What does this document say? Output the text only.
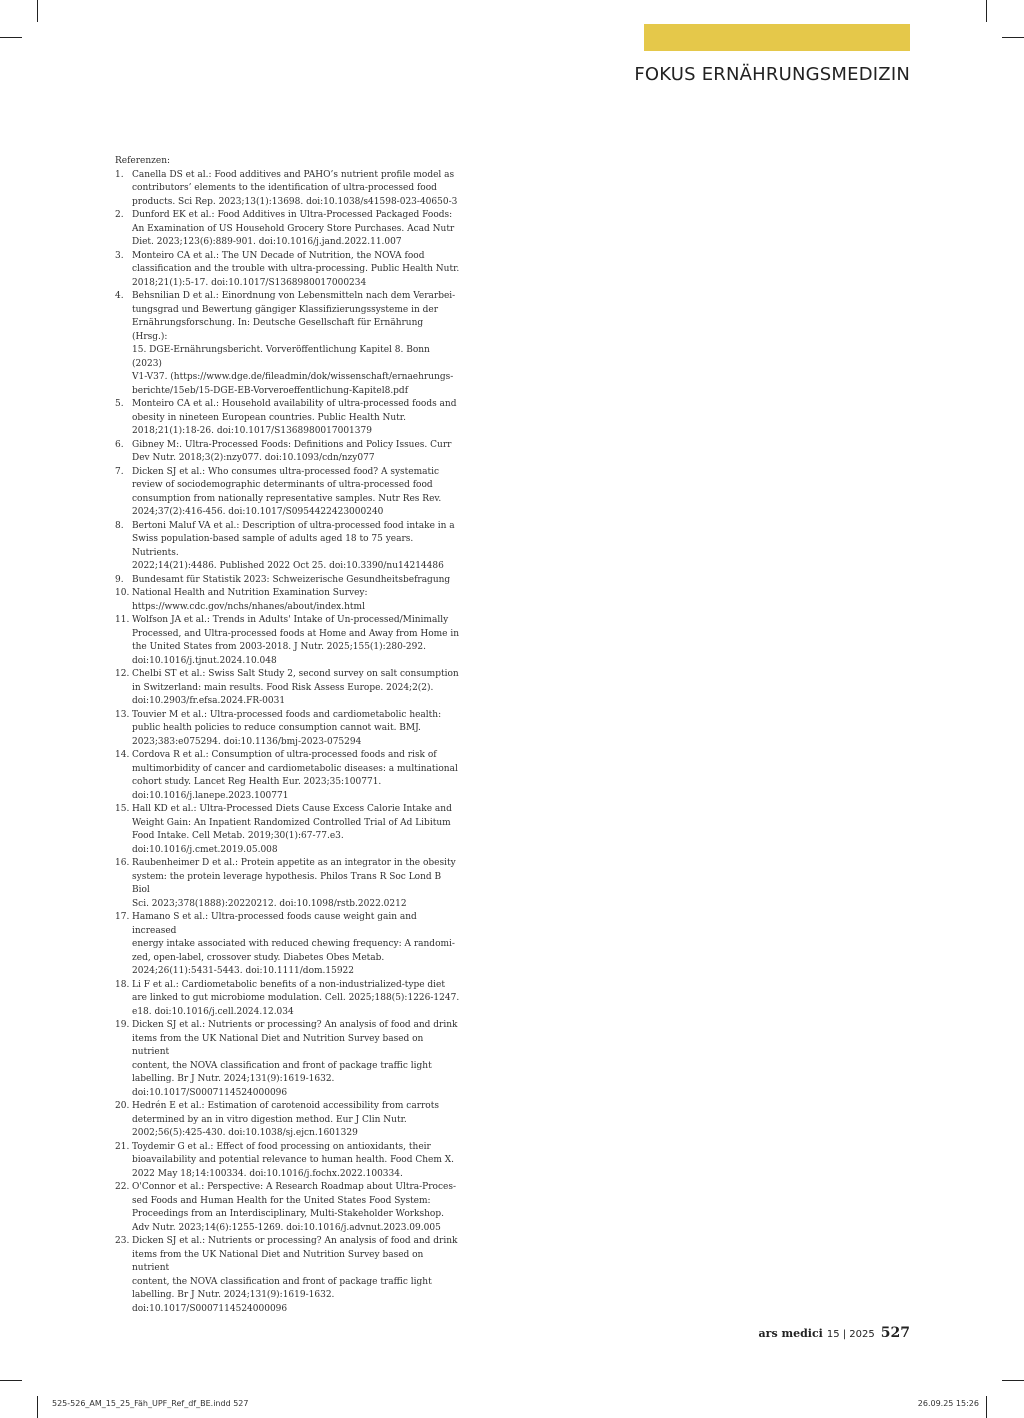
FOKUS ERNÄHRUNGSMEDIZIN

Referenzen:

1. Canella DS et al.: Food additives and PAHO’s nutrient profile model as
contributors’ elements to the identification of ultra-processed food
products. Sci Rep. 2023;13(1):13698. doi:10.1038/s41598-023-40650-3
2. Dunford EK et al.: Food Additives in Ultra-Processed Packaged Foods:
An Examination of US Household Grocery Store Purchases. Acad Nutr
Diet. 2023;123(6):889-901. doi:10.1016/j.jand.2022.11.007
3. Monteiro CA et al.: The UN Decade of Nutrition, the NOVA food
classification and the trouble with ultra-processing. Public Health Nutr.
2018;21(1):5-17. doi:10.1017/S1368980017000234
4. Behsnilian D et al.: Einordnung von Lebensmitteln nach dem Verarbei-
tungsgrad und Bewertung gängiger Klassifizierungssysteme in der
Ernährungsforschung. In: Deutsche Gesellschaft für Ernährung (Hrsg.):
15. DGE-Ernährungsbericht. Vorveröffentlichung Kapitel 8. Bonn (2023)
V1-V37. (https://www.dge.de/fileadmin/dok/wissenschaft/ernaehrungs-
berichte/15eb/15-DGE-EB-Vorveroeffentlichung-Kapitel8.pdf
5. Monteiro CA et al.: Household availability of ultra-processed foods and
obesity in nineteen European countries. Public Health Nutr.
2018;21(1):18-26. doi:10.1017/S1368980017001379
6. Gibney M:. Ultra-Processed Foods: Definitions and Policy Issues. Curr
Dev Nutr. 2018;3(2):nzy077. doi:10.1093/cdn/nzy077
7. Dicken SJ et al.: Who consumes ultra-processed food? A systematic
review of sociodemographic determinants of ultra-processed food
consumption from nationally representative samples. Nutr Res Rev.
2024;37(2):416-456. doi:10.1017/S0954422423000240
8. Bertoni Maluf VA et al.: Description of ultra-processed food intake in a
Swiss population-based sample of adults aged 18 to 75 years. Nutrients.
2022;14(21):4486. Published 2022 Oct 25. doi:10.3390/nu14214486
9. Bundesamt für Statistik 2023: Schweizerische Gesundheitsbefragung
10. National Health and Nutrition Examination Survey:
https://www.cdc.gov/nchs/nhanes/about/index.html
11. Wolfson JA et al.: Trends in Adults' Intake of Un-processed/Minimally
Processed, and Ultra-processed foods at Home and Away from Home in
the United States from 2003-2018. J Nutr. 2025;155(1):280-292.
doi:10.1016/j.tjnut.2024.10.048
12. Chelbi ST et al.: Swiss Salt Study 2, second survey on salt consumption
in Switzerland: main results. Food Risk Assess Europe. 2024;2(2).
doi:10.2903/fr.efsa.2024.FR-0031
13. Touvier M et al.: Ultra-processed foods and cardiometabolic health:
public health policies to reduce consumption cannot wait. BMJ.
2023;383:e075294. doi:10.1136/bmj-2023-075294
14. Cordova R et al.: Consumption of ultra-processed foods and risk of
multimorbidity of cancer and cardiometabolic diseases: a multinational
cohort study. Lancet Reg Health Eur. 2023;35:100771.
doi:10.1016/j.lanepe.2023.100771
15. Hall KD et al.: Ultra-Processed Diets Cause Excess Calorie Intake and
Weight Gain: An Inpatient Randomized Controlled Trial of Ad Libitum
Food Intake. Cell Metab. 2019;30(1):67-77.e3.
doi:10.1016/j.cmet.2019.05.008
16. Raubenheimer D et al.: Protein appetite as an integrator in the obesity
system: the protein leverage hypothesis. Philos Trans R Soc Lond B Biol
Sci. 2023;378(1888):20220212. doi:10.1098/rstb.2022.0212
17. Hamano S et al.: Ultra-processed foods cause weight gain and increased
energy intake associated with reduced chewing frequency: A randomi-
zed, open-label, crossover study. Diabetes Obes Metab.
2024;26(11):5431-5443. doi:10.1111/dom.15922
18. Li F et al.: Cardiometabolic benefits of a non-industrialized-type diet
are linked to gut microbiome modulation. Cell. 2025;188(5):1226-1247.
e18. doi:10.1016/j.cell.2024.12.034
19. Dicken SJ et al.: Nutrients or processing? An analysis of food and drink
items from the UK National Diet and Nutrition Survey based on nutrient
content, the NOVA classification and front of package traffic light
labelling. Br J Nutr. 2024;131(9):1619-1632.
doi:10.1017/S0007114524000096
20. Hedrén E et al.: Estimation of carotenoid accessibility from carrots
determined by an in vitro digestion method. Eur J Clin Nutr.
2002;56(5):425-430. doi:10.1038/sj.ejcn.1601329
21. Toydemir G et al.: Effect of food processing on antioxidants, their
bioavailability and potential relevance to human health. Food Chem X.
2022 May 18;14:100334. doi:10.1016/j.fochx.2022.100334.
22. O'Connor et al.: Perspective: A Research Roadmap about Ultra-Proces-
sed Foods and Human Health for the United States Food System:
Proceedings from an Interdisciplinary, Multi-Stakeholder Workshop.
Adv Nutr. 2023;14(6):1255-1269. doi:10.1016/j.advnut.2023.09.005
23. Dicken SJ et al.: Nutrients or processing? An analysis of food and drink
items from the UK National Diet and Nutrition Survey based on nutrient
content, the NOVA classification and front of package traffic light
labelling. Br J Nutr. 2024;131(9):1619-1632.
doi:10.1017/S0007114524000096
ars medici 15 | 2025 527
525-526_AM_15_25_Fäh_UPF_Ref_df_BE.indd 527	26.09.25 15:26
